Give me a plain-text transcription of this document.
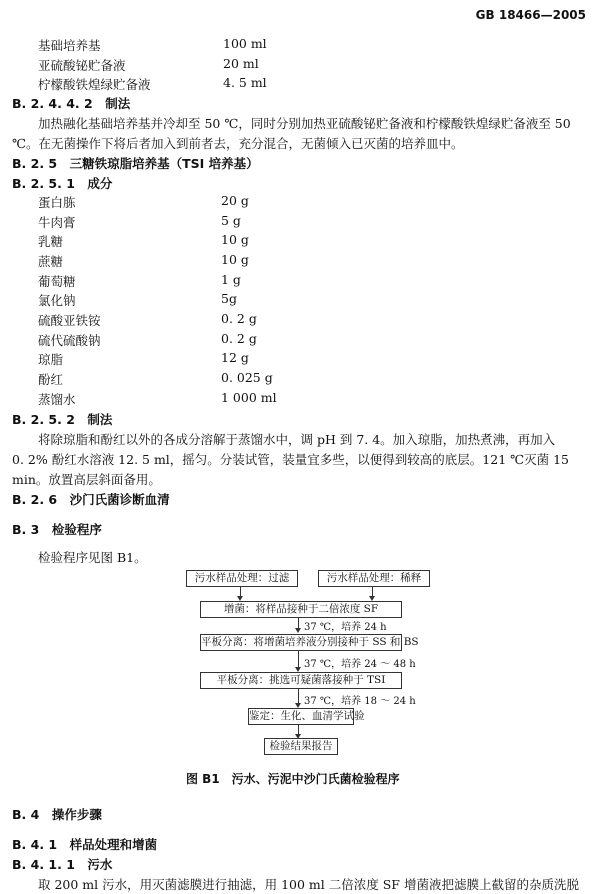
GB 18466—2005
基础培养基	100 ml
亚硫酸铋贮备液	20 ml
柠檬酸铁煌绿贮备液	4. 5 ml
B. 2. 4. 4. 2　制法
加热融化基础培养基并冷却至 50 ℃，同时分别加热亚硫酸铋贮备液和柠檬酸铁煌绿贮备液至 50
℃。在无菌操作下将后者加入到前者去，充分混合，无菌倾入已灭菌的培养皿中。
B. 2. 5　三糖铁琼脂培养基（TSI 培养基）
B. 2. 5. 1　成分
蛋白胨	20 g
牛肉膏	5 g
乳糖	10 g
蔗糖	10 g
葡萄糖	1 g
氯化钠	5g
硫酸亚铁铵	0. 2 g
硫代硫酸钠	0. 2 g
琼脂	12 g
酚红	0. 025 g
蒸馏水	1 000 ml
B. 2. 5. 2　制法
将除琼脂和酚红以外的各成分溶解于蒸馏水中，调 pH 到 7. 4。加入琼脂，加热煮沸，再加入
0. 2% 酚红水溶液 12. 5 ml，摇匀。分装试管，装量宜多些，以便得到较高的底层。121 ℃灭菌 15
min。放置高层斜面备用。
B. 2. 6　沙门氏菌诊断血清
B. 3　检验程序
检验程序见图 B1。
污水样品处理：过滤	污水样品处理：稀释
增菌：将样品接种于二倍浓度 SF
37 ℃，培养 24 h
平板分离：将增菌培养液分别接种于 SS 和 BS
37 ℃，培养 24 ～ 48 h
平板分离：挑选可疑菌落接种于 TSI
37 ℃，培养 18 ～ 24 h
鉴定：生化、血清学试验
检验结果报告
图 B1　污水、污泥中沙门氏菌检验程序
B. 4　操作步骤
B. 4. 1　样品处理和增菌
B. 4. 1. 1　污水
取 200 ml 污水，用灭菌滤膜进行抽滤，用 100 ml 二倍浓度 SF 增菌液把滤膜上截留的杂质洗脱
